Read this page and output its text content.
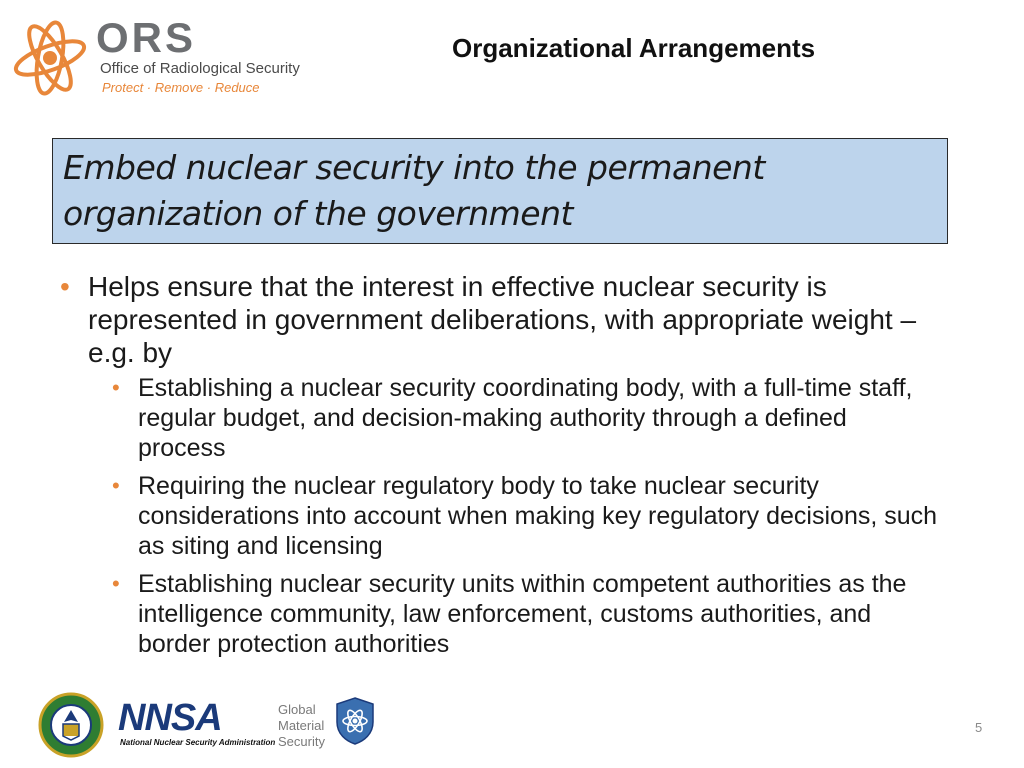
ORS
Office of Radiological Security
Protect · Remove · Reduce
Organizational Arrangements
Embed nuclear security into the permanent
organization of the government
• Helps ensure that the interest in effective nuclear security is represented in government deliberations, with appropriate weight – e.g. by
• Establishing a nuclear security coordinating body, with a full-time staff, regular budget, and decision-making authority through a defined process
• Requiring the nuclear regulatory body to take nuclear security considerations into account when making key regulatory decisions, such as siting and licensing
• Establishing nuclear security units within competent authorities as the intelligence community, law enforcement, customs authorities, and border protection authorities
NNSA
National Nuclear Security Administration
Global
Material
Security
5
